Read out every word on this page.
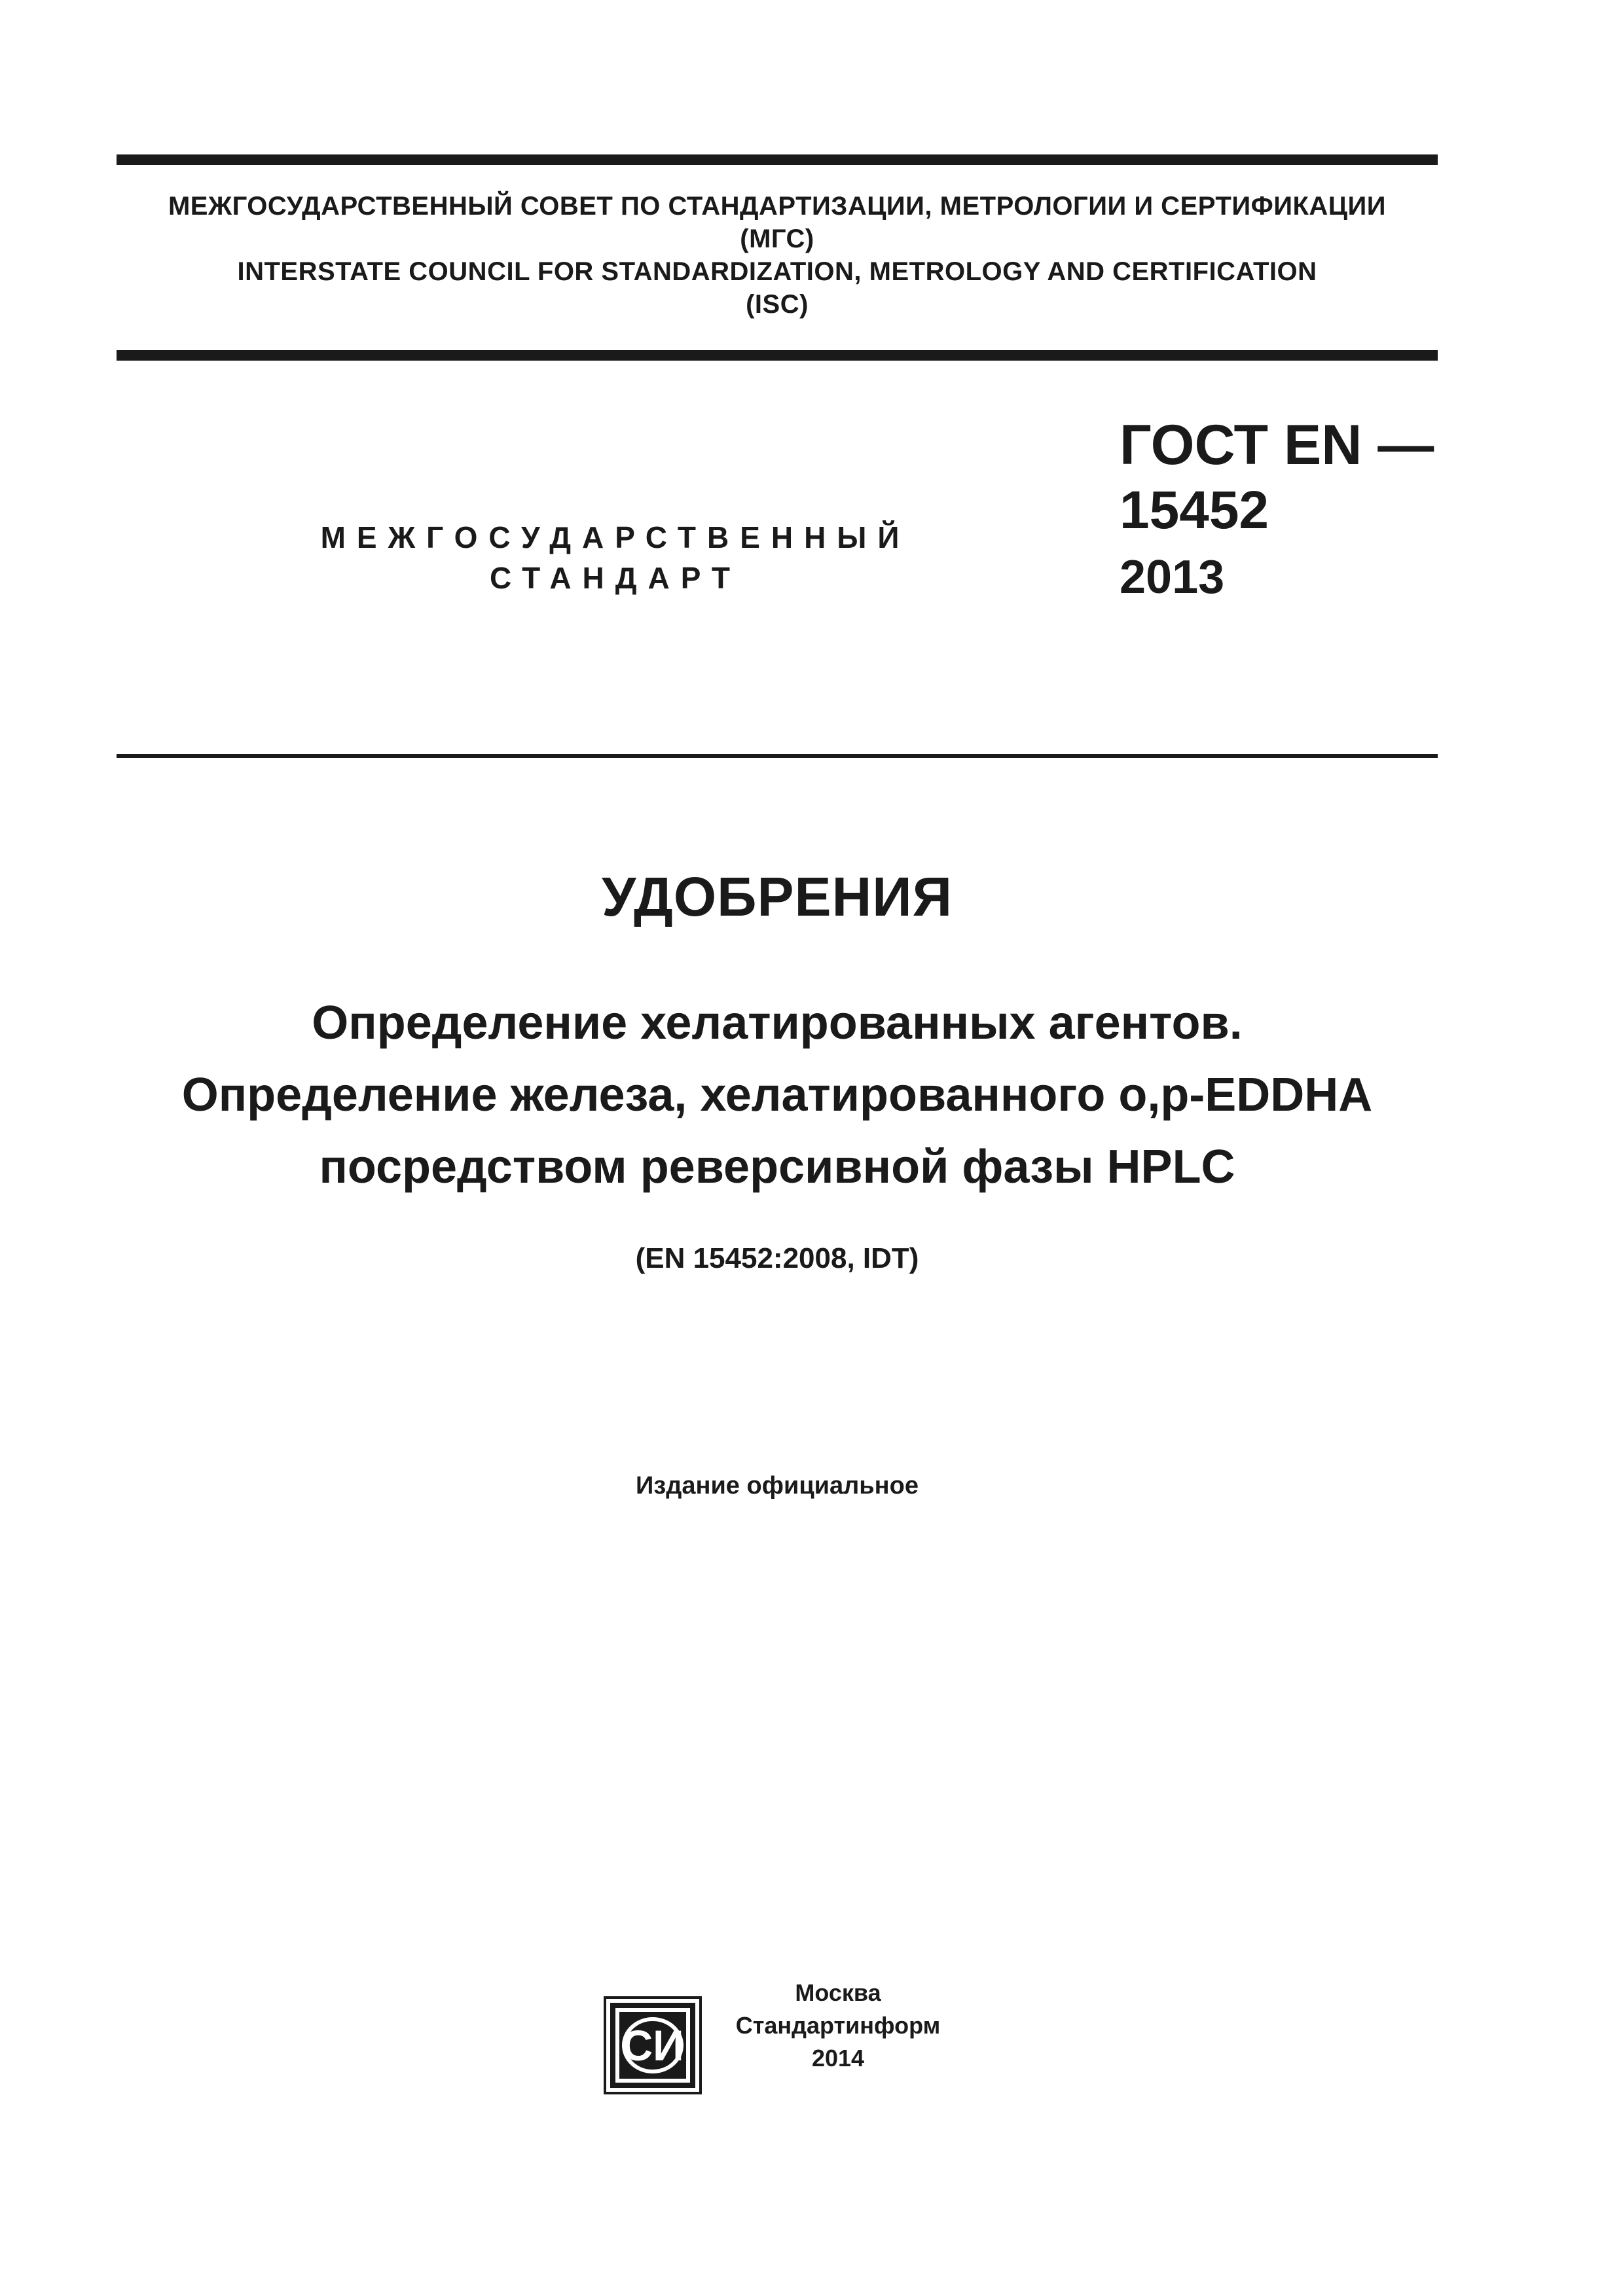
МЕЖГОСУДАРСТВЕННЫЙ СОВЕТ ПО СТАНДАРТИЗАЦИИ, МЕТРОЛОГИИ И СЕРТИФИКАЦИИ
(МГС)
INTERSTATE COUNCIL FOR STANDARDIZATION, METROLOGY AND CERTIFICATION
(ISC)
МЕЖГОСУДАРСТВЕННЫЙ
СТАНДАРТ
ГОСТ EN —
15452
2013
УДОБРЕНИЯ
Определение хелатированных агентов.
Определение железа, хелатированного o,p-EDDHA
посредством реверсивной фазы HPLC
(EN 15452:2008, IDT)
Издание официальное
СИ
Москва
Стандартинформ
2014
